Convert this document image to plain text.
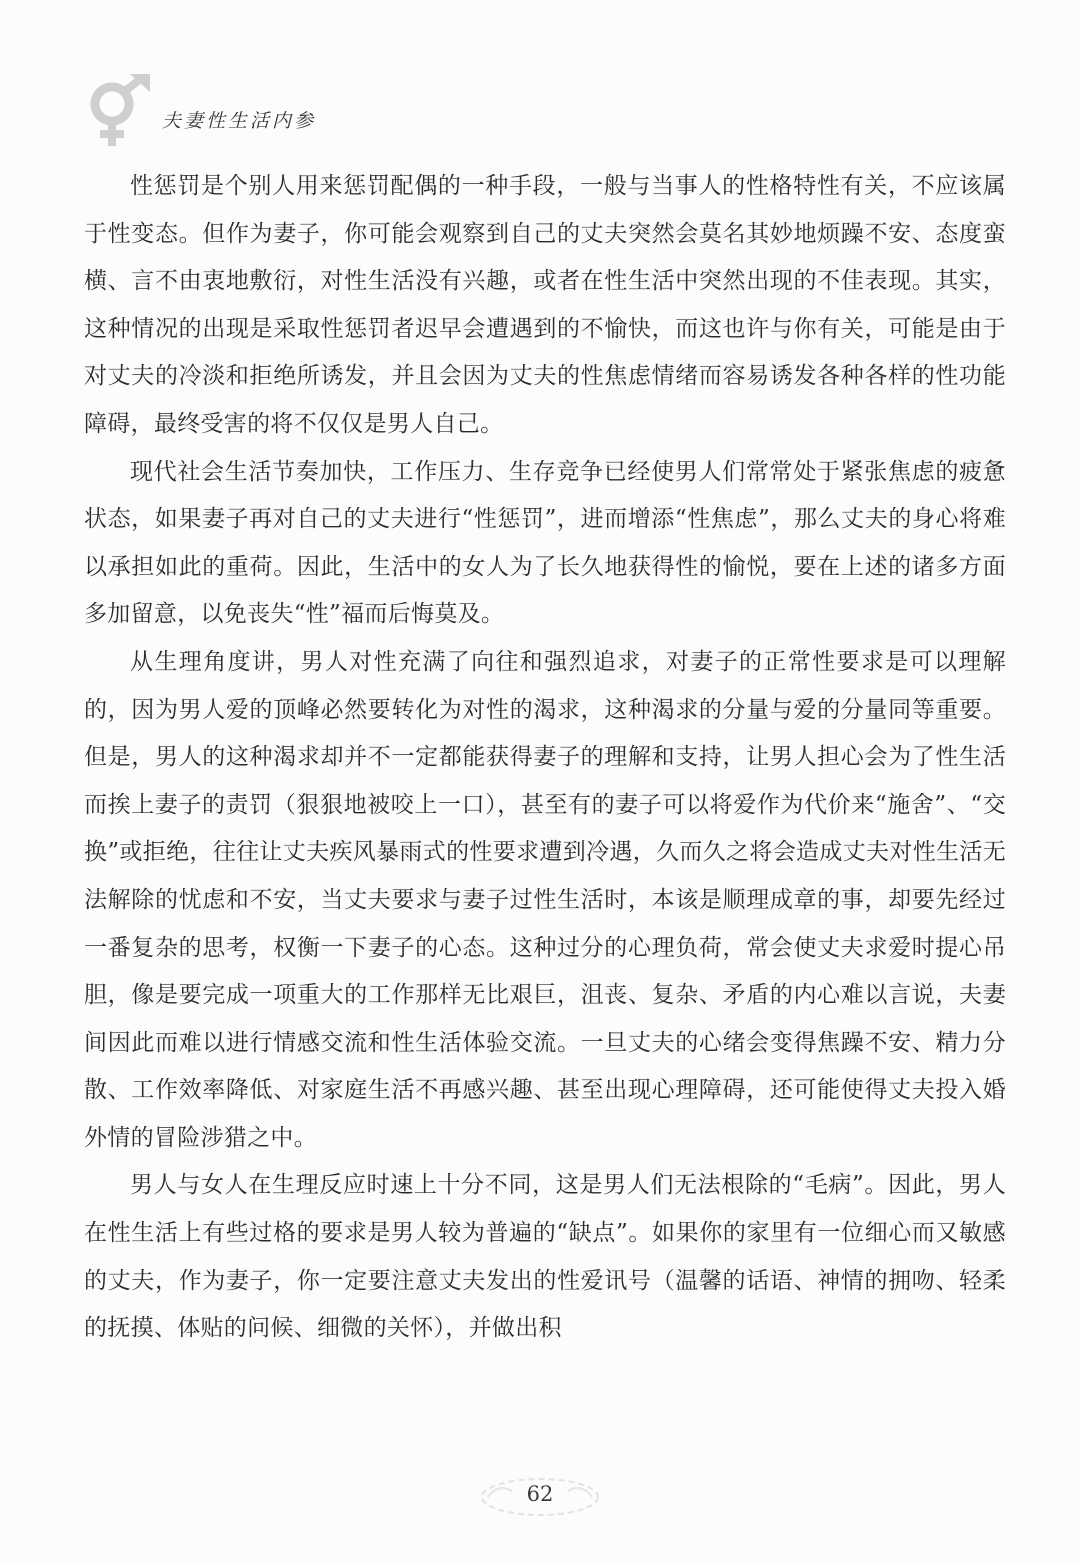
夫妻性生活内参

性惩罚是个别人用来惩罚配偶的一种手段，一般与当事人的性格特性有关，不应该属于性变态。但作为妻子，你可能会观察到自己的丈夫突然会莫名其妙地烦躁不安、态度蛮横、言不由衷地敷衍，对性生活没有兴趣，或者在性生活中突然出现的不佳表现。其实，这种情况的出现是采取性惩罚者迟早会遭遇到的不愉快，而这也许与你有关，可能是由于对丈夫的冷淡和拒绝所诱发，并且会因为丈夫的性焦虑情绪而容易诱发各种各样的性功能障碍，最终受害的将不仅仅是男人自己。

现代社会生活节奏加快，工作压力、生存竞争已经使男人们常常处于紧张焦虑的疲惫状态，如果妻子再对自己的丈夫进行“性惩罚”，进而增添“性焦虑”，那么丈夫的身心将难以承担如此的重荷。因此，生活中的女人为了长久地获得性的愉悦，要在上述的诸多方面多加留意，以免丧失“性”福而后悔莫及。

从生理角度讲，男人对性充满了向往和强烈追求，对妻子的正常性要求是可以理解的，因为男人爱的顶峰必然要转化为对性的渴求，这种渴求的分量与爱的分量同等重要。但是，男人的这种渴求却并不一定都能获得妻子的理解和支持，让男人担心会为了性生活而挨上妻子的责罚（狠狠地被咬上一口），甚至有的妻子可以将爱作为代价来“施舍”、“交换”或拒绝，往往让丈夫疾风暴雨式的性要求遭到冷遇，久而久之将会造成丈夫对性生活无法解除的忧虑和不安，当丈夫要求与妻子过性生活时，本该是顺理成章的事，却要先经过一番复杂的思考，权衡一下妻子的心态。这种过分的心理负荷，常会使丈夫求爱时提心吊胆，像是要完成一项重大的工作那样无比艰巨，沮丧、复杂、矛盾的内心难以言说，夫妻间因此而难以进行情感交流和性生活体验交流。一旦丈夫的心绪会变得焦躁不安、精力分散、工作效率降低、对家庭生活不再感兴趣、甚至出现心理障碍，还可能使得丈夫投入婚外情的冒险涉猎之中。

男人与女人在生理反应时速上十分不同，这是男人们无法根除的“毛病”。因此，男人在性生活上有些过格的要求是男人较为普遍的“缺点”。如果你的家里有一位细心而又敏感的丈夫，作为妻子，你一定要注意丈夫发出的性爱讯号（温馨的话语、神情的拥吻、轻柔的抚摸、体贴的问候、细微的关怀），并做出积

62
